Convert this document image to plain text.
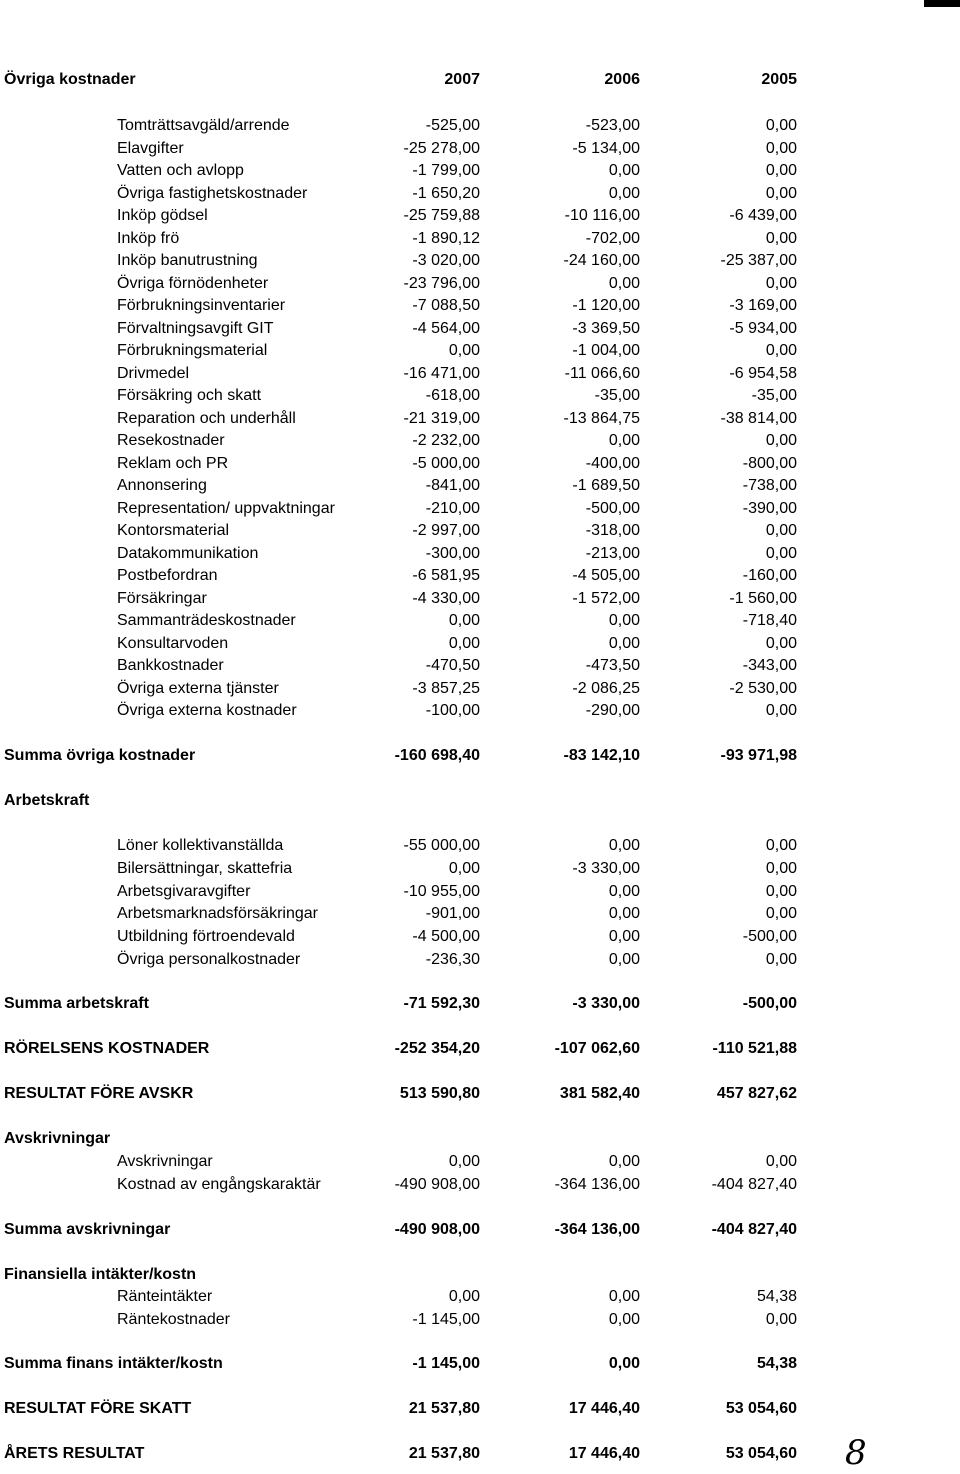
Övriga kostnader	2007	2006	2005
Tomträttsavgäld/arrende	-525,00	-523,00	0,00
Elavgifter	-25 278,00	-5 134,00	0,00
Vatten och avlopp	-1 799,00	0,00	0,00
Övriga fastighetskostnader	-1 650,20	0,00	0,00
Inköp gödsel	-25 759,88	-10 116,00	-6 439,00
Inköp frö	-1 890,12	-702,00	0,00
Inköp banutrustning	-3 020,00	-24 160,00	-25 387,00
Övriga förnödenheter	-23 796,00	0,00	0,00
Förbrukningsinventarier	-7 088,50	-1 120,00	-3 169,00
Förvaltningsavgift GIT	-4 564,00	-3 369,50	-5 934,00
Förbrukningsmaterial	0,00	-1 004,00	0,00
Drivmedel	-16 471,00	-11 066,60	-6 954,58
Försäkring och skatt	-618,00	-35,00	-35,00
Reparation och underhåll	-21 319,00	-13 864,75	-38 814,00
Resekostnader	-2 232,00	0,00	0,00
Reklam och PR	-5 000,00	-400,00	-800,00
Annonsering	-841,00	-1 689,50	-738,00
Representation/ uppvaktningar	-210,00	-500,00	-390,00
Kontorsmaterial	-2 997,00	-318,00	0,00
Datakommunikation	-300,00	-213,00	0,00
Postbefordran	-6 581,95	-4 505,00	-160,00
Försäkringar	-4 330,00	-1 572,00	-1 560,00
Sammanträdeskostnader	0,00	0,00	-718,40
Konsultarvoden	0,00	0,00	0,00
Bankkostnader	-470,50	-473,50	-343,00
Övriga externa tjänster	-3 857,25	-2 086,25	-2 530,00
Övriga externa kostnader	-100,00	-290,00	0,00
Summa övriga kostnader	-160 698,40	-83 142,10	-93 971,98
Arbetskraft
Löner kollektivanställda	-55 000,00	0,00	0,00
Bilersättningar, skattefria	0,00	-3 330,00	0,00
Arbetsgivaravgifter	-10 955,00	0,00	0,00
Arbetsmarknadsförsäkringar	-901,00	0,00	0,00
Utbildning förtroendevald	-4 500,00	0,00	-500,00
Övriga personalkostnader	-236,30	0,00	0,00
Summa arbetskraft	-71 592,30	-3 330,00	-500,00
RÖRELSENS KOSTNADER	-252 354,20	-107 062,60	-110 521,88
RESULTAT FÖRE AVSKR	513 590,80	381 582,40	457 827,62
Avskrivningar
Avskrivningar	0,00	0,00	0,00
Kostnad av engångskaraktär	-490 908,00	-364 136,00	-404 827,40
Summa avskrivningar	-490 908,00	-364 136,00	-404 827,40
Finansiella intäkter/kostn
Ränteintäkter	0,00	0,00	54,38
Räntekostnader	-1 145,00	0,00	0,00
Summa finans intäkter/kostn	-1 145,00	0,00	54,38
RESULTAT FÖRE SKATT	21 537,80	17 446,40	53 054,60
ÅRETS RESULTAT	21 537,80	17 446,40	53 054,60 8
